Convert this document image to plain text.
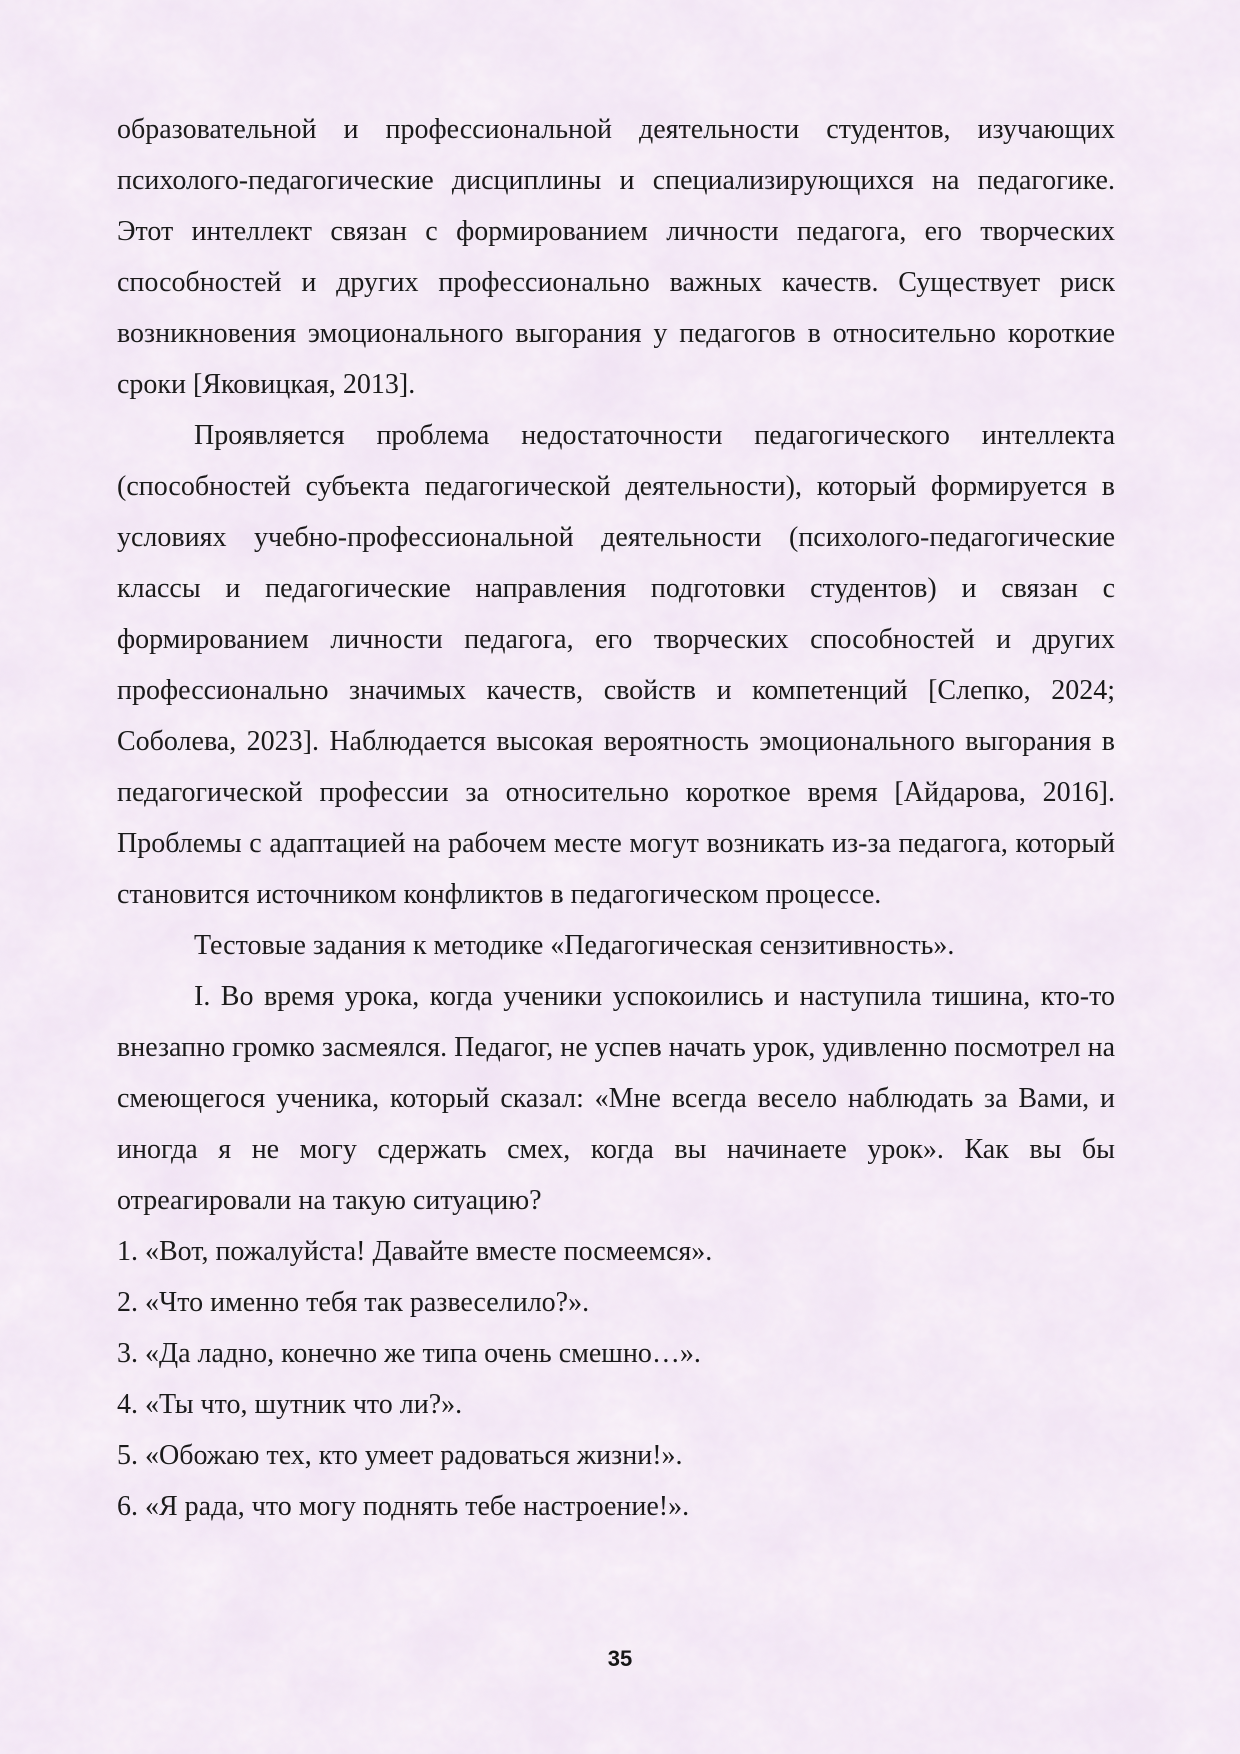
образовательной и профессиональной деятельности студентов, изучающих психолого-педагогические дисциплины и специализирующихся на педагогике. Этот интеллект связан с формированием личности педагога, его творческих способностей и других профессионально важных качеств. Существует риск возникновения эмоционального выгорания у педагогов в относительно короткие сроки [Яковицкая, 2013].

Проявляется проблема недостаточности педагогического интеллекта (способностей субъекта педагогической деятельности), который формируется в условиях учебно-профессиональной деятельности (психолого-педагогические классы и педагогические направления подготовки студентов) и связан с формированием личности педагога, его творческих способностей и других профессионально значимых качеств, свойств и компетенций [Слепко, 2024; Соболева, 2023]. Наблюдается высокая вероятность эмоционального выгорания в педагогической профессии за относительно короткое время [Айдарова, 2016]. Проблемы с адаптацией на рабочем месте могут возникать из-за педагога, который становится источником конфликтов в педагогическом процессе.

Тестовые задания к методике «Педагогическая сензитивность».

I. Во время урока, когда ученики успокоились и наступила тишина, кто-то внезапно громко засмеялся. Педагог, не успев начать урок, удивленно посмотрел на смеющегося ученика, который сказал: «Мне всегда весело наблюдать за Вами, и иногда я не могу сдержать смех, когда вы начинаете урок». Как вы бы отреагировали на такую ситуацию?

1. «Вот, пожалуйста! Давайте вместе посмеемся».

2. «Что именно тебя так развеселило?».

3. «Да ладно, конечно же типа очень смешно…».

4. «Ты что, шутник что ли?».

5. «Обожаю тех, кто умеет радоваться жизни!».

6. «Я рада, что могу поднять тебе настроение!».

35
